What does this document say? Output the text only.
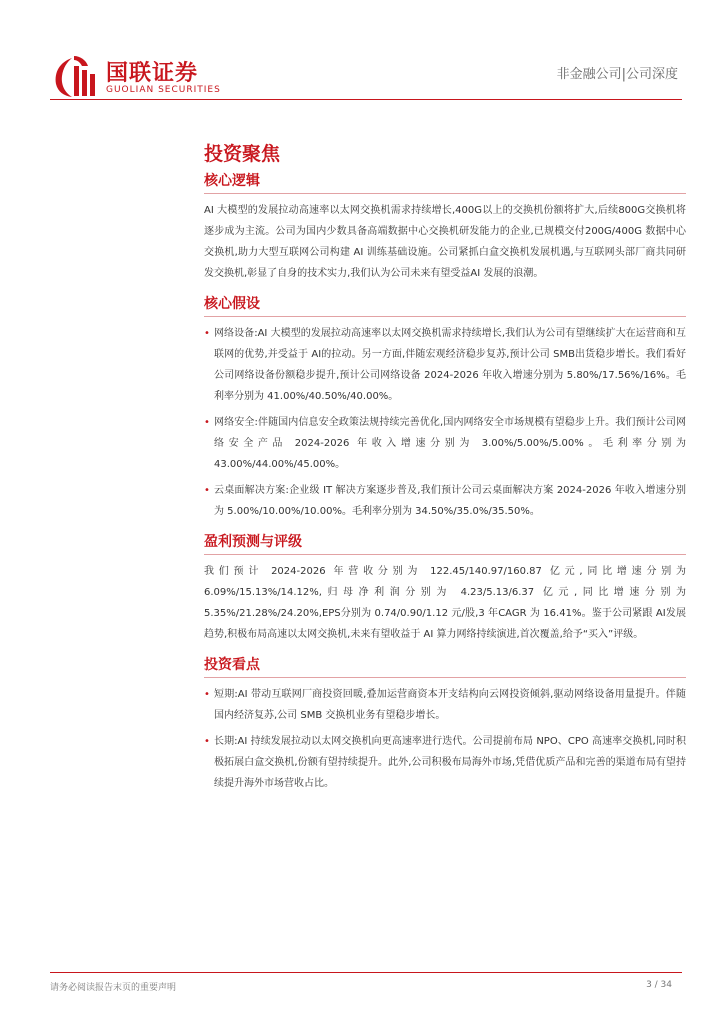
国联证券
GUOLIAN SECURITIES
非金融公司|公司深度
投资聚焦
核心逻辑
AI 大模型的发展拉动高速率以太网交换机需求持续增长,400G以上的交换机份额将扩大,后续800G交换机将逐步成为主流。公司为国内少数具备高端数据中心交换机研发能力的企业,已规模交付200G/400G 数据中心交换机,助力大型互联网公司构建 AI 训练基础设施。公司紧抓白盒交换机发展机遇,与互联网头部厂商共同研发交换机,彰显了自身的技术实力,我们认为公司未来有望受益AI 发展的浪潮。
核心假设
• 网络设备:AI 大模型的发展拉动高速率以太网交换机需求持续增长,我们认为公司有望继续扩大在运营商和互联网的优势,并受益于 AI的拉动。另一方面,伴随宏观经济稳步复苏,预计公司 SMB出货稳步增长。我们看好公司网络设备份额稳步提升,预计公司网络设备 2024-2026 年收入增速分别为 5.80%/17.56%/16%。毛利率分别为 41.00%/40.50%/40.00%。
• 网络安全:伴随国内信息安全政策法规持续完善优化,国内网络安全市场规模有望稳步上升。我们预计公司网络安全产品 2024-2026 年收入增速分别为 3.00%/5.00%/5.00%。毛利率分别为43.00%/44.00%/45.00%。
• 云桌面解决方案:企业级 IT 解决方案逐步普及,我们预计公司云桌面解决方案 2024-2026 年收入增速分别为 5.00%/10.00%/10.00%。毛利率分别为 34.50%/35.0%/35.50%。
盈利预测与评级
我们预计 2024-2026 年营收分别为 122.45/140.97/160.87 亿元,同比增速分别为6.09%/15.13%/14.12%,归母净利润分别为 4.23/5.13/6.37 亿元,同比增速分别为5.35%/21.28%/24.20%,EPS分别为 0.74/0.90/1.12 元/股,3 年CAGR 为 16.41%。鉴于公司紧跟 AI发展趋势,积极布局高速以太网交换机,未来有望收益于 AI 算力网络持续演进,首次覆盖,给予“买入”评级。
投资看点
• 短期:AI 带动互联网厂商投资回暖,叠加运营商资本开支结构向云网投资倾斜,驱动网络设备用量提升。伴随国内经济复苏,公司 SMB 交换机业务有望稳步增长。
• 长期:AI 持续发展拉动以太网交换机向更高速率进行迭代。公司提前布局 NPO、CPO 高速率交换机,同时积极拓展白盒交换机,份额有望持续提升。此外,公司积极布局海外市场,凭借优质产品和完善的渠道布局有望持续提升海外市场营收占比。
请务必阅读报告末页的重要声明	3 / 34
